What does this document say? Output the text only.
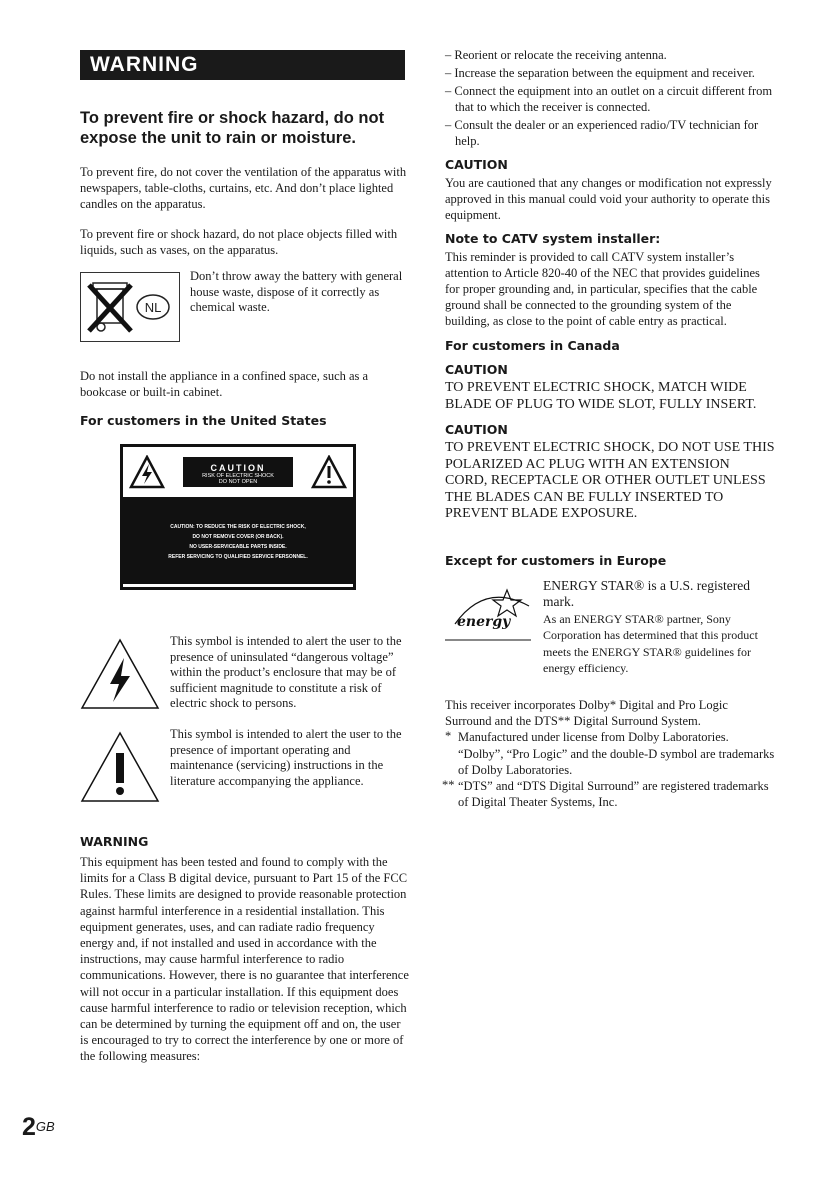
WARNING
To prevent fire or shock hazard, do not expose the unit to rain or moisture.

To prevent fire, do not cover the ventilation of the apparatus with newspapers, table-cloths, curtains, etc. And don’t place lighted candles on the apparatus.

To prevent fire or shock hazard, do not place objects filled with liquids, such as vases, on the apparatus.

NL

Don’t throw away the battery with general house waste, dispose of it correctly as chemical waste.

Do not install the appliance in a confined space, such as a bookcase or built-in cabinet.

For customers in the United States
CAUTION
RISK OF ELECTRIC SHOCK
DO NOT OPEN
CAUTION: TO REDUCE THE RISK OF ELECTRIC SHOCK,
DO NOT REMOVE COVER (OR BACK).
NO USER-SERVICEABLE PARTS INSIDE.
REFER SERVICING TO QUALIFIED SERVICE PERSONNEL.

This symbol is intended to alert the user to the presence of uninsulated “dangerous voltage” within the product’s enclosure that may be of sufficient magnitude to constitute a risk of electric shock to persons.

This symbol is intended to alert the user to the presence of important operating and maintenance (servicing) instructions in the literature accompanying the appliance.

WARNING

This equipment has been tested and found to comply with the limits for a Class B digital device, pursuant to Part 15 of the FCC Rules. These limits are designed to provide reasonable protection against harmful interference in a residential installation. This equipment generates, uses, and can radiate radio frequency energy and, if not installed and used in accordance with the instructions, may cause harmful interference to radio communications. However, there is no guarantee that interference will not occur in a particular installation. If this equipment does cause harmful interference to radio or television reception, which can be determined by turning the equipment off and on, the user is encouraged to try to correct the interference by one or more of the following measures:

– Reorient or relocate the receiving antenna.
– Increase the separation between the equipment and receiver.
– Connect the equipment into an outlet on a circuit different from that to which the receiver is connected.
– Consult the dealer or an experienced radio/TV technician for help.
CAUTION

You are cautioned that any changes or modification not expressly approved in this manual could void your authority to operate this equipment.

Note to CATV system installer:

This reminder is provided to call CATV system installer’s attention to Article 820-40 of the NEC that provides guidelines for proper grounding and, in particular, specifies that the cable ground shall be connected to the grounding system of the building, as close to the point of cable entry as practical.

For customers in Canada
CAUTION

TO PREVENT ELECTRIC SHOCK, MATCH WIDE BLADE OF PLUG TO WIDE SLOT, FULLY INSERT.

CAUTION

TO PREVENT ELECTRIC SHOCK, DO NOT USE THIS POLARIZED AC PLUG WITH AN EXTENSION CORD, RECEPTACLE OR OTHER OUTLET UNLESS THE BLADES CAN BE FULLY INSERTED TO PREVENT BLADE EXPOSURE.

Except for customers in Europe
energy

ENERGY STAR® is a U.S. registered mark.

As an ENERGY STAR® partner, Sony Corporation has determined that this product meets the ENERGY STAR® guidelines for energy efficiency.

This receiver incorporates Dolby* Digital and Pro Logic Surround and the DTS** Digital Surround System.

* Manufactured under license from Dolby Laboratories.

“Dolby”, “Pro Logic” and the double-D symbol are trademarks of Dolby Laboratories.

** “DTS” and “DTS Digital Surround” are registered trademarks of Digital Theater Systems, Inc.

$2^{GB}$
